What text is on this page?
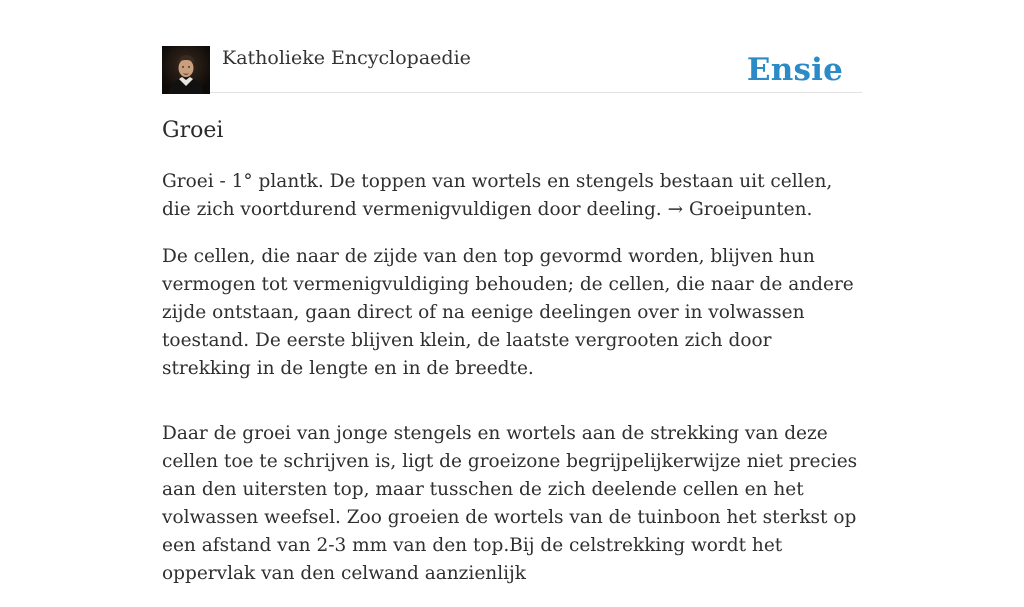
Katholieke Encyclopaedie	Ensie
Groei

Groei - 1° plantk. De toppen van wortels en stengels bestaan uit cellen, die zich voortdurend vermenigvuldigen door deeling. → Groeipunten.

De cellen, die naar de zijde van den top gevormd worden, blijven hun vermogen tot vermenigvuldiging behouden; de cellen, die naar de andere zijde ontstaan, gaan direct of na eenige deelingen over in volwassen toestand. De eerste blijven klein, de laatste vergrooten zich door strekking in de lengte en in de breedte.

Daar de groei van jonge stengels en wortels aan de strekking van deze cellen toe te schrijven is, ligt de groeizone begrijpelijkerwijze niet precies aan den uitersten top, maar tusschen de zich deelende cellen en het volwassen weefsel. Zoo groeien de wortels van de tuinboon het sterkst op een afstand van 2-3 mm van den top.Bij de celstrekking wordt het oppervlak van den celwand aanzienlijk
